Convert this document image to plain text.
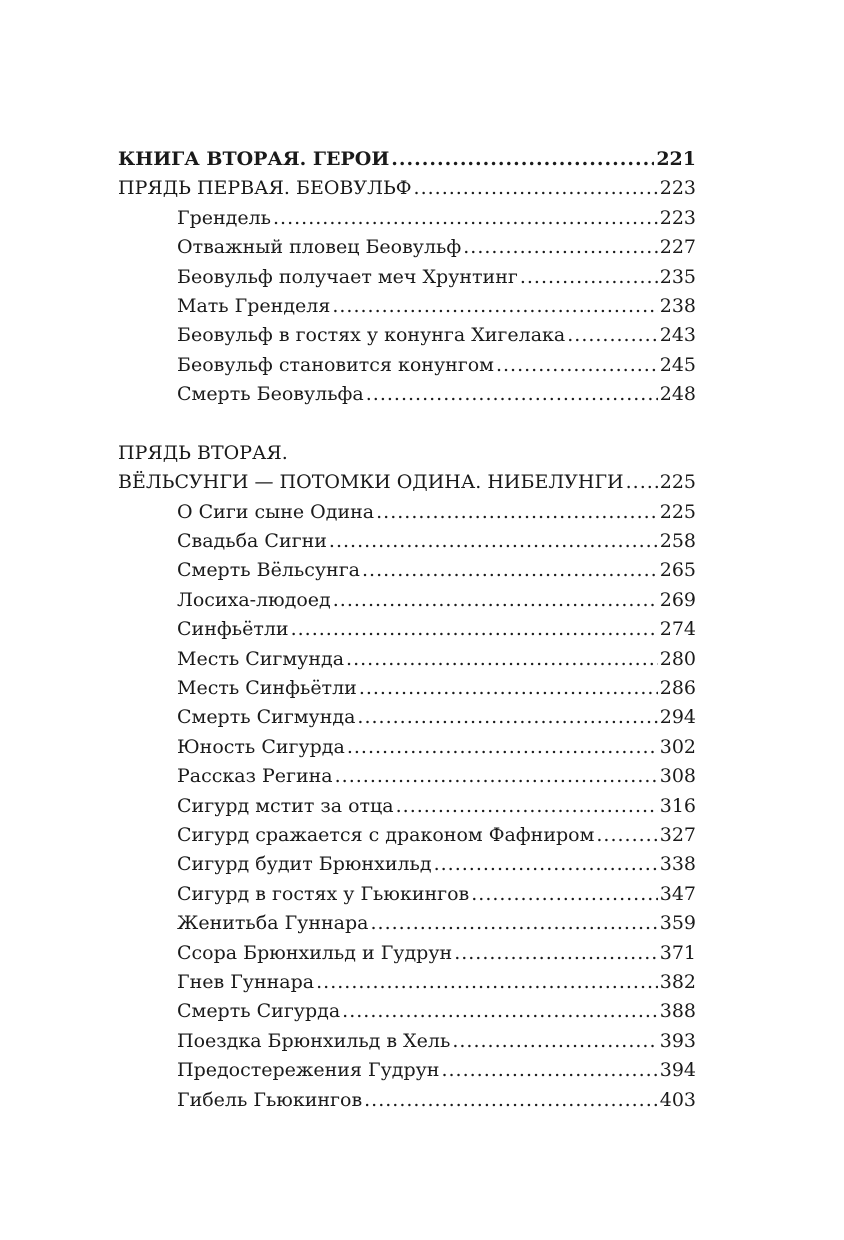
КНИГА ВТОРАЯ. ГЕРОИ .....	221
ПРЯДЬ ПЕРВАЯ. БЕОВУЛЬФ .....	223
Грендель .....	223
Отважный пловец Беовульф .....	227
Беовульф получает меч Хрунтинг .....	235
Мать Гренделя .....	238
Беовульф в гостях у конунга Хигелака .....	243
Беовульф становится конунгом .....	245
Смерть Беовульфа .....	248
ПРЯДЬ ВТОРАЯ.
ВЁЛЬСУНГИ — ПОТОМКИ ОДИНА. НИБЕЛУНГИ ..... 225
О Сиги сыне Одина .....	225
Свадьба Сигни .....	258
Смерть Вёльсунга .....	265
Лосиха-людоед .....	269
Синфьётли .....	274
Месть Сигмунда .....	280
Месть Синфьётли .....	286
Смерть Сигмунда .....	294
Юность Сигурда .....	302
Рассказ Регина .....	308
Сигурд мстит за отца .....	316
Сигурд сражается с драконом Фафниром .....	327
Сигурд будит Брюнхильд .....	338
Сигурд в гостях у Гьюкингов .....	347
Женитьба Гуннара .....	359
Ссора Брюнхильд и Гудрун .....	371
Гнев Гуннара .....	382
Смерть Сигурда .....	388
Поездка Брюнхильд в Хель .....	393
Предостережения Гудрун .....	394
Гибель Гьюкингов .....	403
